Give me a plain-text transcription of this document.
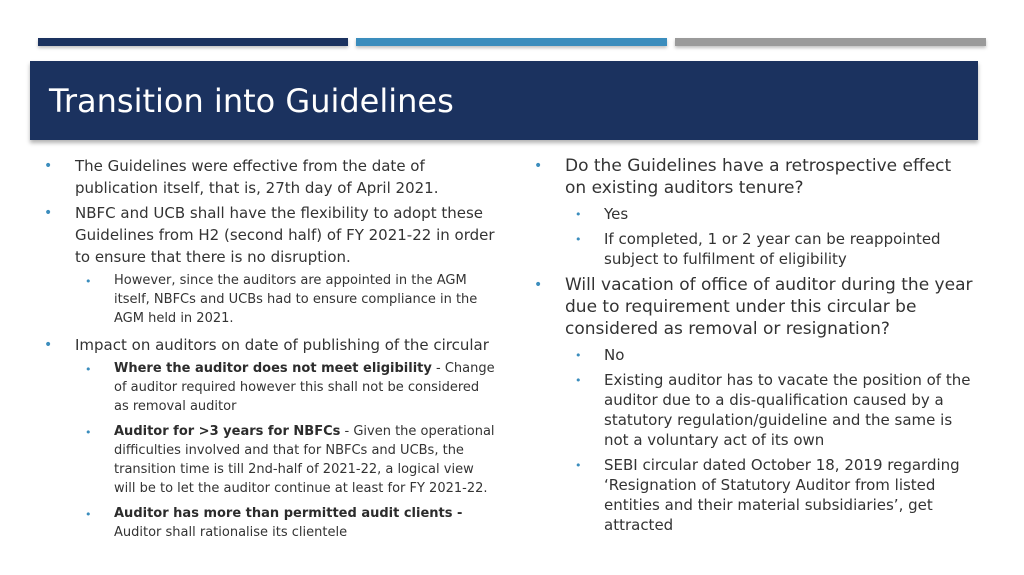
Transition into Guidelines
• The Guidelines were effective from the date of publication itself, that is, 27th day of April 2021.
• NBFC and UCB shall have the flexibility to adopt these Guidelines from H2 (second half) of FY 2021-22 in order to ensure that there is no disruption.
• However, since the auditors are appointed in the AGM itself, NBFCs and UCBs had to ensure compliance in the AGM held in 2021.
• Impact on auditors on date of publishing of the circular
• Where the auditor does not meet eligibility - Change of auditor required however this shall not be considered as removal auditor
• Auditor for >3 years for NBFCs - Given the operational difficulties involved and that for NBFCs and UCBs, the transition time is till 2nd-half of 2021-22, a logical view will be to let the auditor continue at least for FY 2021-22.
• Auditor has more than permitted audit clients - Auditor shall rationalise its clientele
• Do the Guidelines have a retrospective effect on existing auditors tenure?
• Yes
• If completed, 1 or 2 year can be reappointed subject to fulfilment of eligibility
• Will vacation of office of auditor during the year due to requirement under this circular be considered as removal or resignation?
• No
• Existing auditor has to vacate the position of the auditor due to a dis-qualification caused by a statutory regulation/guideline and the same is not a voluntary act of its own
• SEBI circular dated October 18, 2019 regarding ‘Resignation of Statutory Auditor from listed entities and their material subsidiaries’, get attracted
